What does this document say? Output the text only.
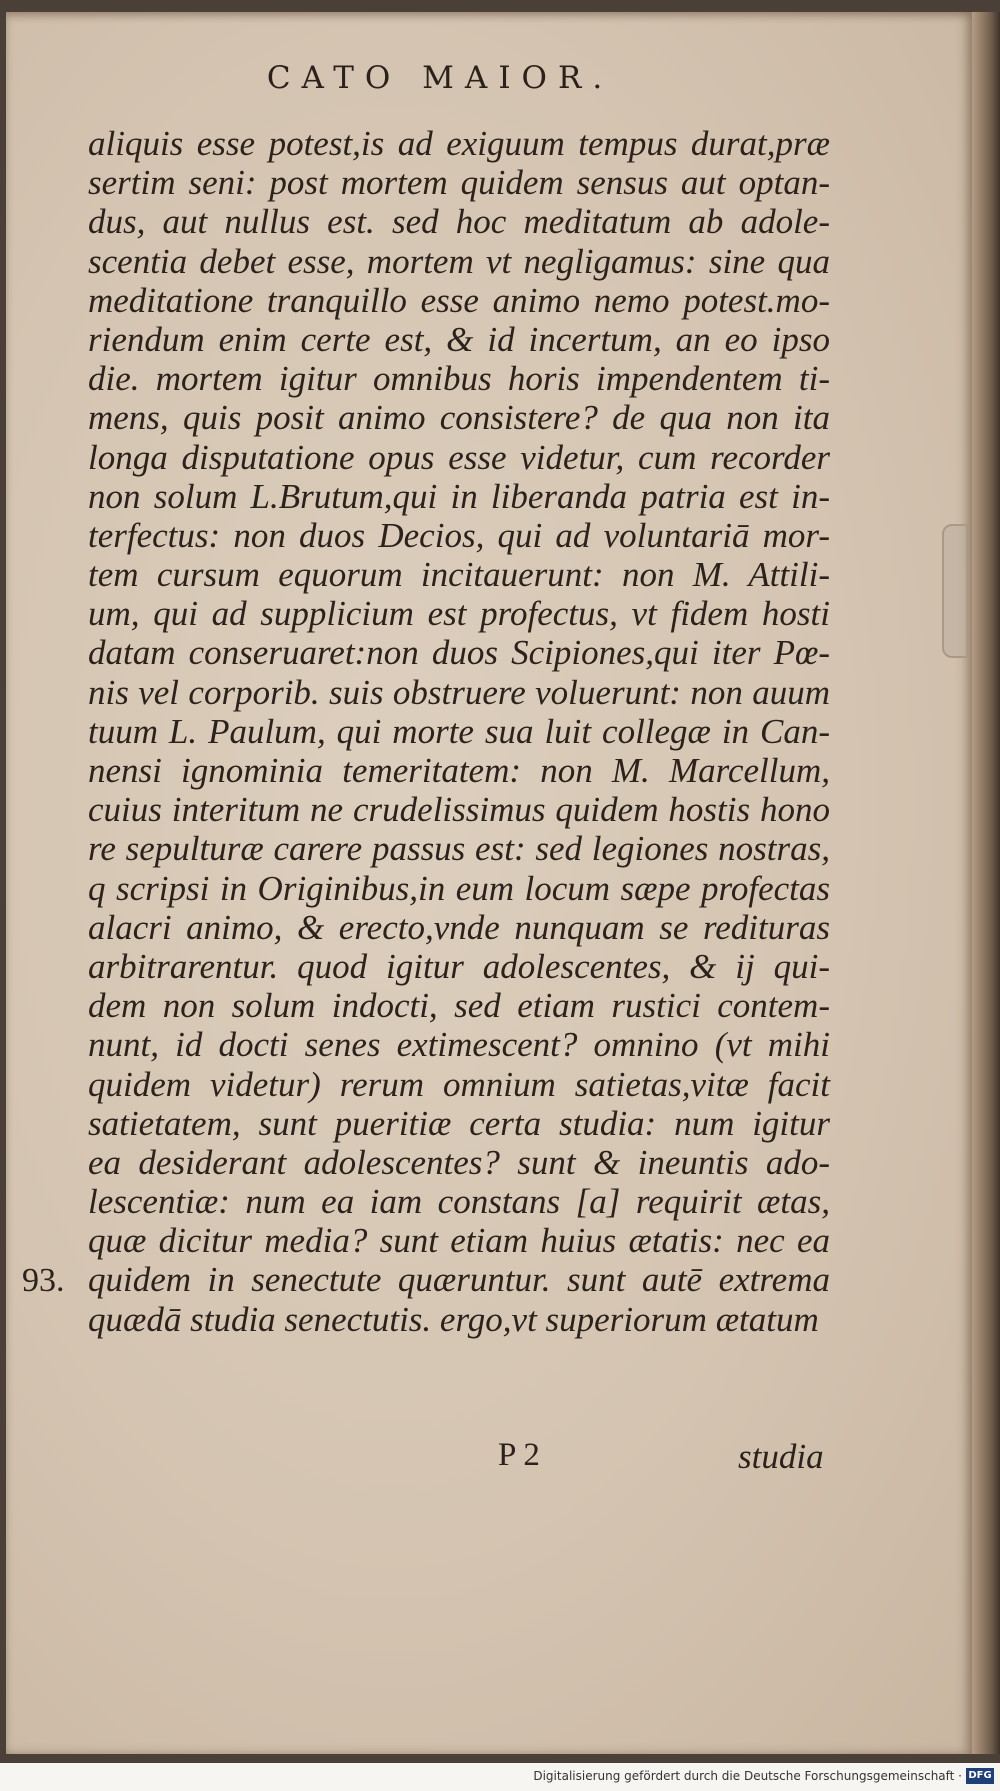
CATO MAIOR.
aliquis esse potest,is ad exiguum tempus durat,præ
sertim seni: post mortem quidem sensus aut optan-
dus, aut nullus est. sed hoc meditatum ab adole-
scentia debet esse, mortem vt negligamus: sine qua
meditatione tranquillo esse animo nemo potest.mo-
riendum enim certe est, & id incertum, an eo ipso
die. mortem igitur omnibus horis impendentem ti-
mens, quis posit animo consistere? de qua non ita
longa disputatione opus esse videtur, cum recorder
non solum L.Brutum,qui in liberanda patria est in-
terfectus: non duos Decios, qui ad voluntariā mor-
tem cursum equorum incitauerunt: non M. Attili-
um, qui ad supplicium est profectus, vt fidem hosti
datam conseruaret:non duos Scipiones,qui iter Pœ-
nis vel corporib. suis obstruere voluerunt: non auum
tuum L. Paulum, qui morte sua luit collegæ in Can-
nensi ignominia temeritatem: non M. Marcellum,
cuius interitum ne crudelissimus quidem hostis hono
re sepulturæ carere passus est: sed legiones nostras,
q scripsi in Originibus,in eum locum sæpe profectas
alacri animo, & erecto,vnde nunquam se redituras
arbitrarentur. quod igitur adolescentes, & ij qui-
dem non solum indocti, sed etiam rustici contem-
nunt, id docti senes extimescent? omnino (vt mihi
quidem videtur) rerum omnium satietas,vitæ facit
satietatem, sunt pueritiæ certa studia: num igitur
ea desiderant adolescentes? sunt & ineuntis ado-
lescentiæ: num ea iam constans [a] requirit ætas,
quæ dicitur media? sunt etiam huius ætatis: nec ea
quidem in senectute quæruntur. sunt autē extrema
quædā studia senectutis. ergo,vt superiorum ætatum
93.
P 2	studia
Digitalisierung gefördert durch die Deutsche Forschungsgemeinschaft · DFG
